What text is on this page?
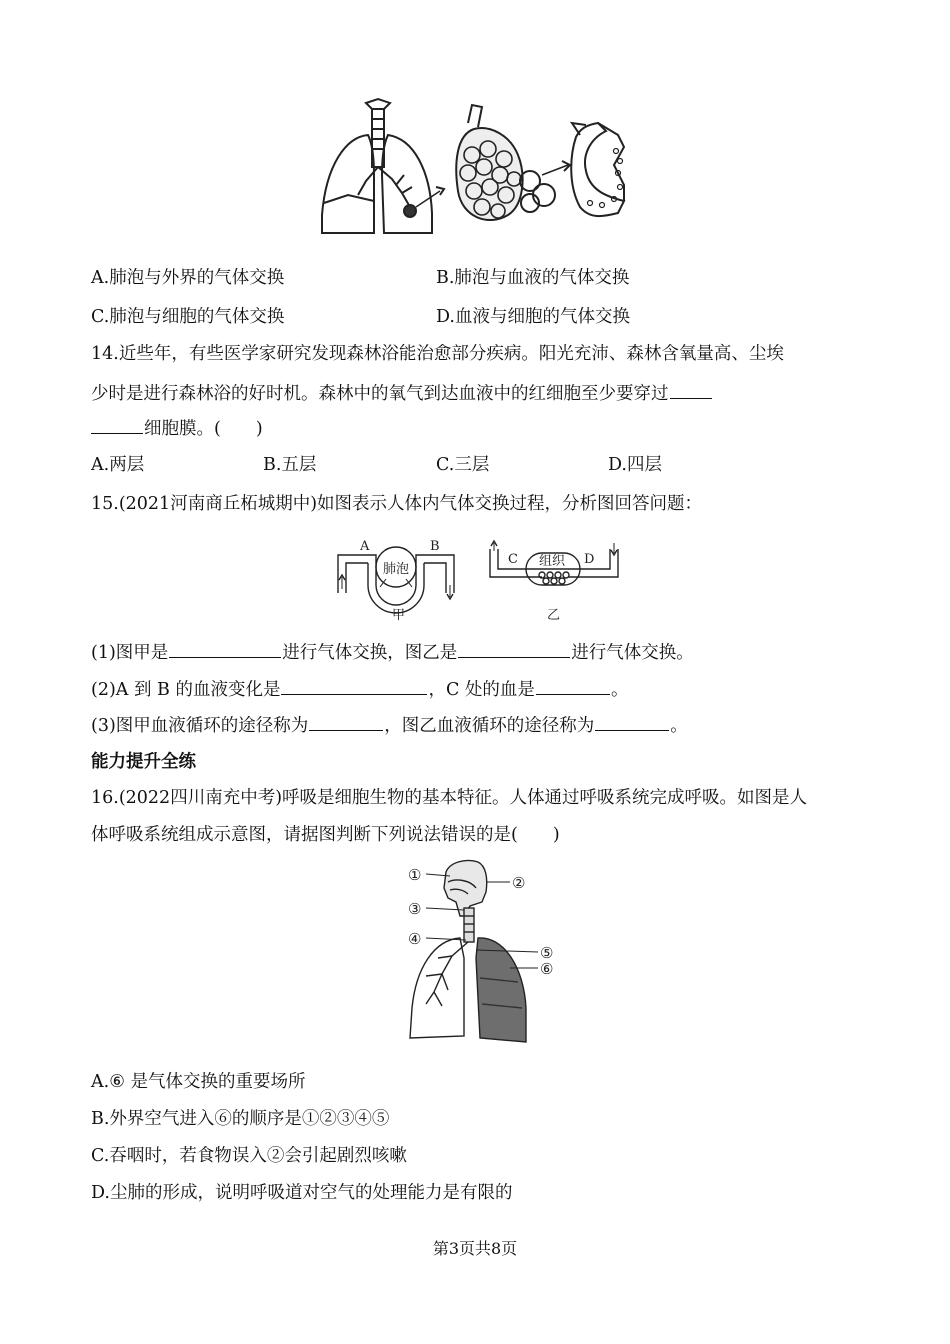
A.肺泡与外界的气体交换	B.肺泡与血液的气体交换
C.肺泡与细胞的气体交换	D.血液与细胞的气体交换
14.近些年，有些医学家研究发现森林浴能治愈部分疾病。阳光充沛、森林含氧量高、尘埃
少时是进行森林浴的好时机。森林中的氧气到达血液中的红细胞至少要穿过
细胞膜。(　　)
A.两层	B.五层	C.三层	D.四层
15.(2021河南商丘柘城期中)如图表示人体内气体交换过程，分析图回答问题：
A	B
肺泡
甲
C	D
组织
乙
(1)图甲是	进行气体交换，图乙是	进行气体交换。
(2)A 到 B 的血液变化是	，C 处的血是	。
(3)图甲血液循环的途径称为	，图乙血液循环的途径称为	。
能力提升全练
16.(2022四川南充中考)呼吸是细胞生物的基本特征。人体通过呼吸系统完成呼吸。如图是人
体呼吸系统组成示意图，请据图判断下列说法错误的是(　　)
①	②
③
④
⑤
⑥
A.⑥ 是气体交换的重要场所
B.外界空气进入⑥的顺序是①②③④⑤
C.吞咽时，若食物误入②会引起剧烈咳嗽
D.尘肺的形成，说明呼吸道对空气的处理能力是有限的
第3页共8页
